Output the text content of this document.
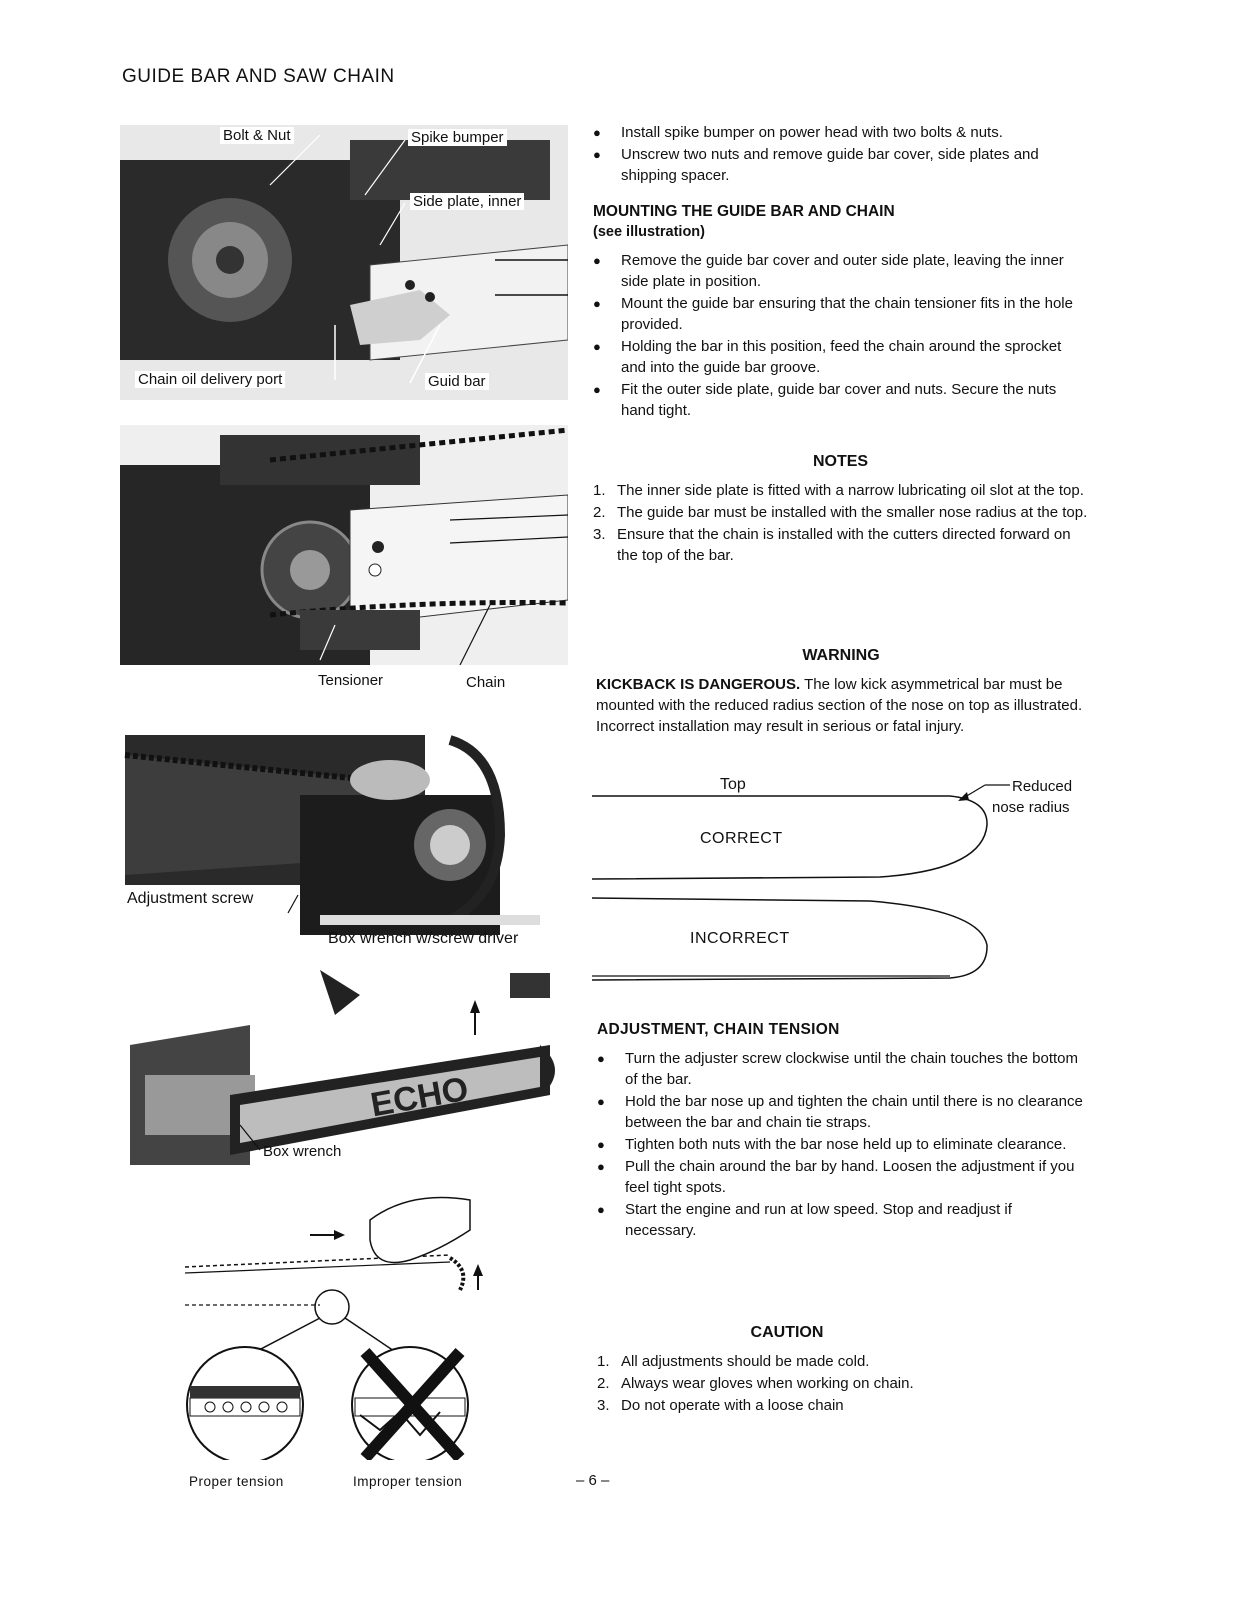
GUIDE BAR AND SAW CHAIN
Bolt & Nut	Spike bumper
Side plate, inner
Chain oil delivery port	Guid bar
Tensioner	Chain
Adjustment screw
Box wrench w/screw driver
ECHO
Box wrench
Proper tension	Improper tension
● Install spike bumper on power head with two bolts & nuts.
● Unscrew two nuts and remove guide bar cover, side plates and shipping spacer.
MOUNTING THE GUIDE BAR AND CHAIN
(see illustration)
● Remove the guide bar cover and outer side plate, leaving the inner side plate in position.
● Mount the guide bar ensuring that the chain tensioner fits in the hole provided.
● Holding the bar in this position, feed the chain around the sprocket and into the guide bar groove.
● Fit the outer side plate, guide bar cover and nuts. Secure the nuts hand tight.
NOTES
1. The inner side plate is fitted with a narrow lubricating oil slot at the top.
2. The guide bar must be installed with the smaller nose radius at the top.
3. Ensure that the chain is installed with the cutters directed forward on the top of the bar.
WARNING
KICKBACK IS DANGEROUS. The low kick asymmetrical bar must be mounted with the reduced radius section of the nose on top as illustrated. Incorrect installation may result in serious or fatal injury.
Top	Reduced
nose radius
CORRECT
INCORRECT
ADJUSTMENT, CHAIN TENSION
● Turn the adjuster screw clockwise until the chain touches the bottom of the bar.
● Hold the bar nose up and tighten the chain until there is no clearance between the bar and chain tie straps.
● Tighten both nuts with the bar nose held up to eliminate clearance.
● Pull the chain around the bar by hand. Loosen the adjustment if you feel tight spots.
● Start the engine and run at low speed. Stop and readjust if necessary.
CAUTION
1. All adjustments should be made cold.
2. Always wear gloves when working on chain.
3. Do not operate with a loose chain
– 6 –
